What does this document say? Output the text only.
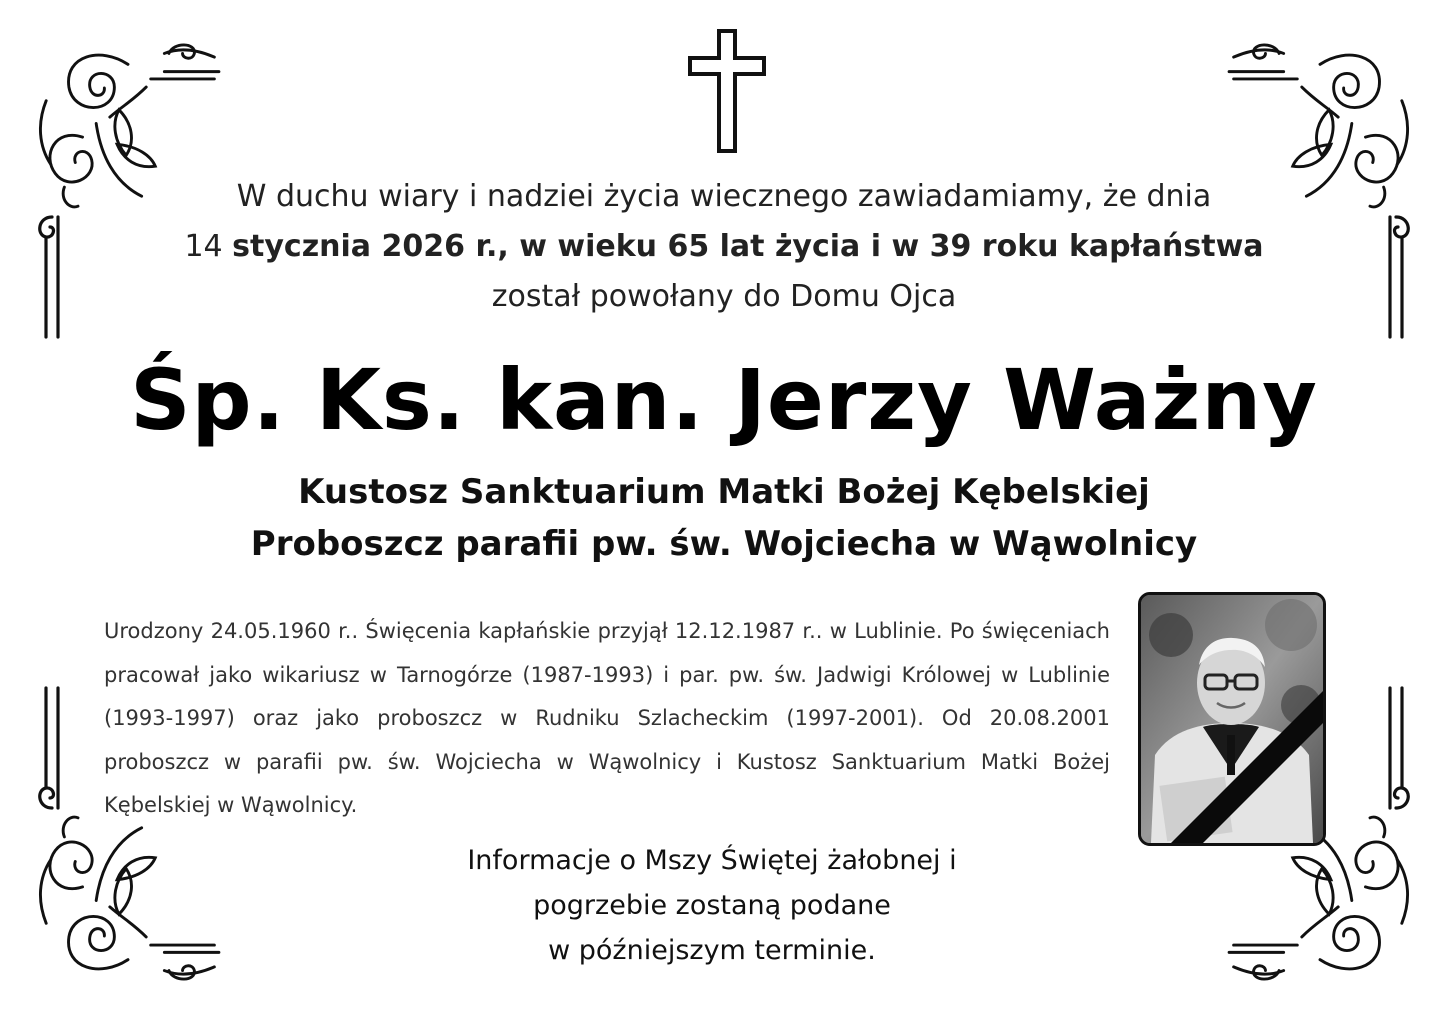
W duchu wiary i nadziei życia wiecznego zawiadamiamy, że dnia
14 stycznia 2026 r., w wieku 65 lat życia i w 39 roku kapłaństwa
został powołany do Domu Ojca
Śp. Ks. kan. Jerzy Ważny
Kustosz Sanktuarium Matki Bożej Kębelskiej
Proboszcz parafii pw. św. Wojciecha w Wąwolnicy
Urodzony 24.05.1960 r.. Święcenia kapłańskie przyjął 12.12.1987 r.. w Lublinie. Po święceniach pracował jako wikariusz w Tarnogórze (1987-1993) i par. pw. św. Jadwigi Królowej w Lublinie (1993-1997) oraz jako proboszcz w Rudniku Szlacheckim (1997-2001). Od 20.08.2001 proboszcz w parafii pw. św. Wojciecha w Wąwolnicy i Kustosz Sanktuarium Matki Bożej Kębelskiej w Wąwolnicy.
Informacje o Mszy Świętej żałobnej i
pogrzebie zostaną podane
w późniejszym terminie.
